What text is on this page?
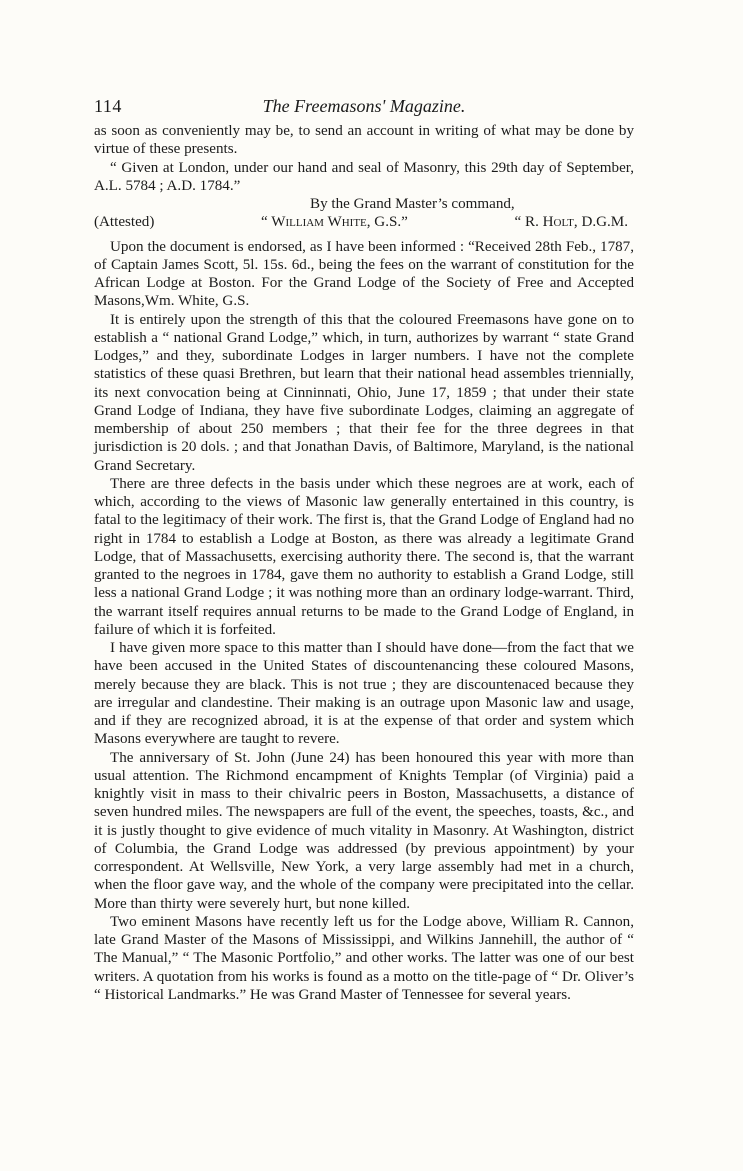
114	The Freemasons' Magazine.

as soon as conveniently may be, to send an account in writing of what may be done by virtue of these presents.

“ Given at London, under our hand and seal of Masonry, this 29th day of September, A.L. 5784 ; A.D. 1784.”

By the Grand Master’s command,
(Attested)	“ William White, G.S.”	“ R. Holt, D.G.M.

Upon the document is endorsed, as I have been informed : “Received 28th Feb., 1787, of Captain James Scott, 5l. 15s. 6d., being the fees on the warrant of constitution for the African Lodge at Boston. For the Grand Lodge of the Society of Free and Accepted Masons,Wm. White, G.S.

It is entirely upon the strength of this that the coloured Freemasons have gone on to establish a “ national Grand Lodge,” which, in turn, authorizes by warrant “ state Grand Lodges,” and they, subordinate Lodges in larger numbers. I have not the complete statistics of these quasi Brethren, but learn that their national head assembles triennially, its next convocation being at Cinninnati, Ohio, June 17, 1859 ; that under their state Grand Lodge of Indiana, they have five subordinate Lodges, claiming an aggregate of membership of about 250 members ; that their fee for the three degrees in that jurisdiction is 20 dols. ; and that Jonathan Davis, of Baltimore, Maryland, is the national Grand Secretary.

There are three defects in the basis under which these negroes are at work, each of which, according to the views of Masonic law generally entertained in this country, is fatal to the legitimacy of their work. The first is, that the Grand Lodge of England had no right in 1784 to establish a Lodge at Boston, as there was already a legitimate Grand Lodge, that of Massachusetts, exercising authority there. The second is, that the warrant granted to the negroes in 1784, gave them no authority to establish a Grand Lodge, still less a national Grand Lodge ; it was nothing more than an ordinary lodge-warrant. Third, the warrant itself requires annual returns to be made to the Grand Lodge of England, in failure of which it is forfeited.

I have given more space to this matter than I should have done—from the fact that we have been accused in the United States of discountenancing these coloured Masons, merely because they are black. This is not true ; they are discountenaced because they are irregular and clandestine. Their making is an outrage upon Masonic law and usage, and if they are recognized abroad, it is at the expense of that order and system which Masons everywhere are taught to revere.

The anniversary of St. John (June 24) has been honoured this year with more than usual attention. The Richmond encampment of Knights Templar (of Virginia) paid a knightly visit in mass to their chivalric peers in Boston, Massachusetts, a distance of seven hundred miles. The newspapers are full of the event, the speeches, toasts, &c., and it is justly thought to give evidence of much vitality in Masonry. At Washington, district of Columbia, the Grand Lodge was addressed (by previous appointment) by your correspondent. At Wellsville, New York, a very large assembly had met in a church, when the floor gave way, and the whole of the company were precipitated into the cellar. More than thirty were severely hurt, but none killed.

Two eminent Masons have recently left us for the Lodge above, William R. Cannon, late Grand Master of the Masons of Mississippi, and Wilkins Jannehill, the author of “ The Manual,” “ The Masonic Portfolio,” and other works. The latter was one of our best writers. A quotation from his works is found as a motto on the title-page of “ Dr. Oliver’s “ Historical Landmarks.” He was Grand Master of Tennessee for several years.
